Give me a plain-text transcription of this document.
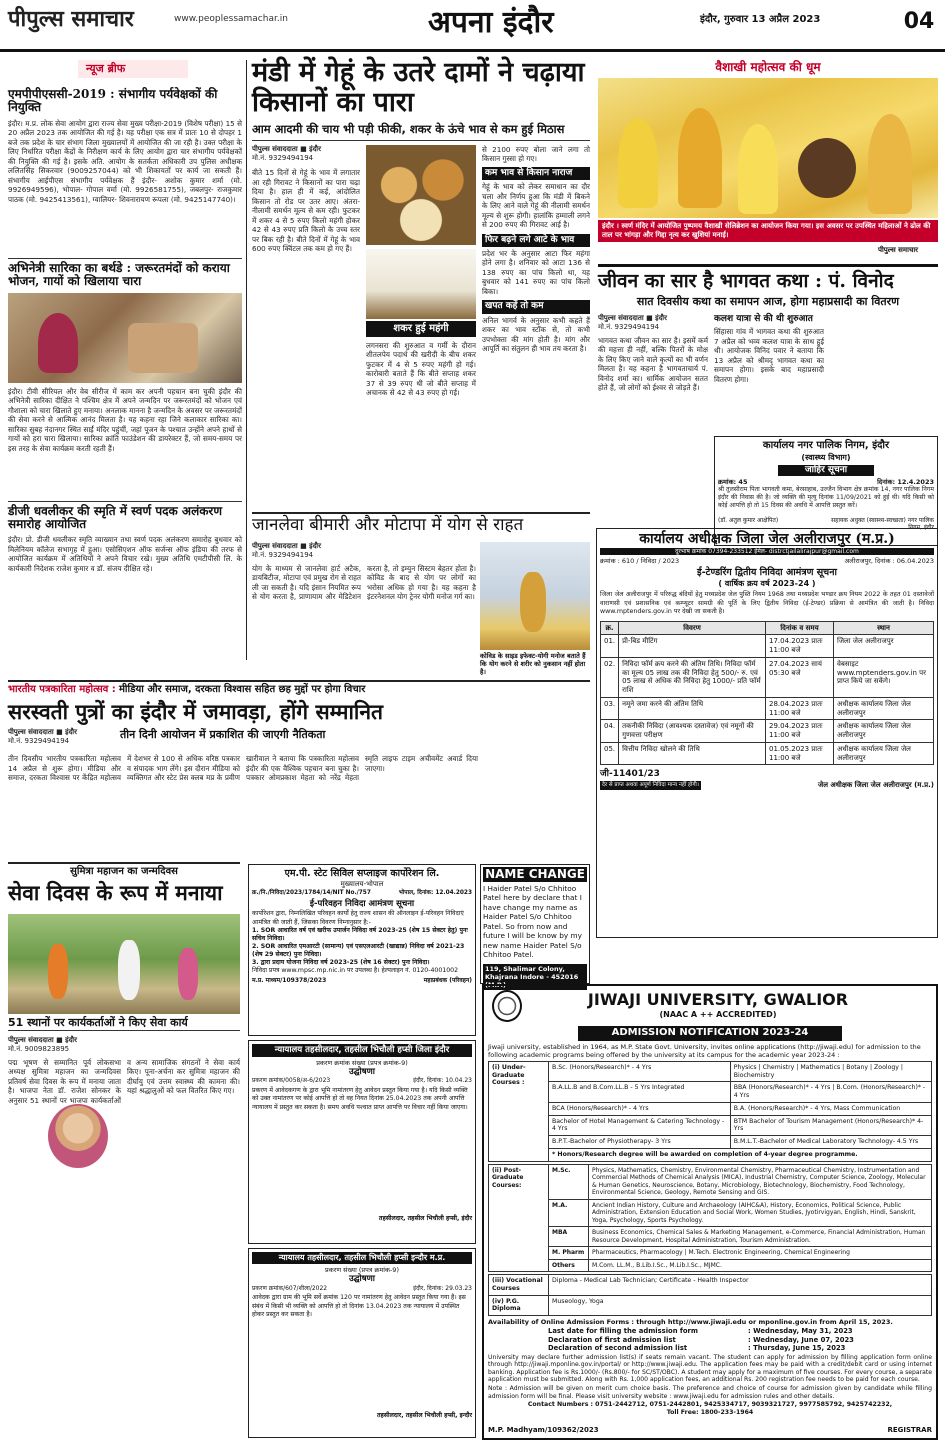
पीपुल्स समाचार	www.peoplessamachar.in	अपना इंदौर	इंदौर, गुरुवार 13 अप्रैल 2023	04
न्यूज ब्रीफ
एमपीपीएससी-2019 : संभागीय पर्यवेक्षकों की नियुक्ति
इंदौर। म.प्र. लोक सेवा आयोग द्वारा राज्य सेवा मुख्य परीक्षा-2019 (विशेष परीक्षा) 15 से 20 अप्रैल 2023 तक आयोजित की गई है। यह परीक्षा एक सत्र में प्रातः 10 से दोपहर 1 बजे तक प्रदेश के चार संभाग जिला मुख्यालयों में आयोजित की जा रही है। उक्त परीक्षा के लिए निर्धारित परीक्षा केंद्रों के निरीक्षण कार्य के लिए आयोग द्वारा चार संभागीय पर्यवेक्षकों की नियुक्ति की गई है। इसके अति. आयोग के सतर्कता अधिकारी उप पुलिस अधीक्षक ललितसिंह सिकरवार (9009257044) को भी शिकायतों पर कार्य जा सकती हैं। संभागीय आईपीएस संभागीय पर्यवेक्षक हैं इंदौर- अशोक कुमार शर्मा (मो. 9926949596), भोपाल- गोपाल वर्मा (मो. 9926581755), जबलपुर- राजकुमार पाठक (मो. 9425413561), ग्वालियर- शिवनारायण रूपला (मो. 9425147740)।
अभिनेत्री सारिका का बर्थडे : जरूरतमंदों को कराया भोजन, गायों को खिलाया चारा
इंदौर। टीवी सीरियल और वेब सीरीज में काम कर अपनी पहचान बना चुकी इंदौर की अभिनेत्री सारिका दीक्षित ने पश्चिम क्षेत्र में अपने जन्मदिन पर जरूरतमंदों को भोजन एवं गौशाला को चारा खिलाते हुए मनाया। अनलाक मानना है जन्मदिन के अवसर पर जरूरतमंदों की सेवा करने से आत्मिक आनंद मिलता है। यह कहना रहा जिने कलाकार सारिका का। सारिका सुबह नंदानगर स्थित साईं मंदिर पहुंचीं, जहां पूजन के पश्चात उन्होंने अपने हाथों से गायों को हरा चारा खिलाया। सारिका क्रांति फाउंडेशन की डायरेक्टर हैं, जो समय-समय पर इस तरह के सेवा कार्यक्रम करती रहती हैं।
डीजी धवलीकर की स्मृति में स्वर्ण पदक अलंकरण समारोह आयोजित
इंदौर। प्रो. डीजी धवलीकर स्मृति व्याख्यान तथा स्वर्ण पदक अलंकरण समारोह बुधवार को मिलेनियम कॉलेज सभागृह में हुआ। एसोसिएशन ऑफ सर्जन्स ऑफ इंडिया की तरफ से आयोजित कार्यक्रम में अतिथियों ने अपने विचार रखे। मुख्य अतिथि एमटीपीसी लि. के कार्यकारी निदेशक राजेश कुमार व डॉ. संजय दीक्षित रहे।
मंडी में गेहूं के उतरे दामों ने चढ़ाया किसानों का पारा
आम आदमी की चाय भी पड़ी फीकी, शकर के ऊंचे भाव से कम हुई मिठास
पीपुल्स संवाददाता ■ इंदौर
मो.नं. 9329494194
बीते 15 दिनों से गेहूं के भाव में लगातार आ रही गिरावट ने किसानों का पारा चढ़ा दिया है। हाल ही में कई, आंदोलित किसान तो रोड पर उतर आए। अंतरा-नीलामी समर्थन मूल्य से कम रही। फुटकर में शकर 4 से 5 रुपए किलो महंगी होकर 42 से 43 रुपए प्रति किलो के उच्च स्तर पर बिक रही है। बीते दिनों में गेहूं के भाव 600 रुपए क्विंटल तक कम हो गए हैं।
शकर हुई महंगी
लगनसरा की शुरुआत व गर्मी के दौरान शीतलपेय पदार्थ की खरीदी के बीच शकर फुटकर में 4 से 5 रुपए महंगी हो गई। कारोबारी बताते हैं कि बीते सप्ताह शकर 37 से 39 रुपए थी जो बीते सप्ताह में अचानक से 42 से 43 रुपए हो गई।
से 2100 रुपए बोला जाने लगा तो किसान गुस्सा हो गए।
कम भाव से किसान नाराज
गेहूं के भाव को लेकर समाधान का दौर चला और निर्णय हुआ कि मंडी में बिकने के लिए आने वाले गेहूं की नीलामी समर्थन मूल्य से शुरू होगी। हालांकि हम्माली लगने से 200 रुपए की गिरावट आई है।
फिर बढ़ने लगे आटे के भाव
प्रदेश भर के अनुसार आटा फिर महंगा होने लगा है। शनिवार को आटा 136 से 138 रुपए का पांच किलो था, यह बुधवार को 141 रुपए का पांच किलो बिका।
खपत कहें तो कम
अनिल भागर्व के अनुसार कभी कहते हैं शकर का भाव स्टॉक से, तो कभी उपभोक्ता की मांग होती है। मांग और आपूर्ति का संतुलन ही भाव तय करता है।
वैशाखी महोत्सव की धूम
इंदौर । स्वर्ण मंदिर में आयोजित पुष्पमय वैशाखी सेलिब्रेशन का आयोजन किया गया। इस अवसर पर उपस्थित महिलाओं ने ढोल की ताल पर भांगड़ा और गिद्दा नृत्य कर खुशियां मनाई।
पीपुल्स समाचार
जीवन का सार है भागवत कथा : पं. विनोद
सात दिवसीय कथा का समापन आज, होगा महाप्रसादी का वितरण
पीपुल्स संवाददाता ■ इंदौर
मो.नं. 9329494194
भागवत कथा जीवन का सार है। इसमें कर्म की महत्ता ही नहीं, बल्कि पितरों के मोक्ष के लिए किए जाने वाले कृत्यों का भी वर्णन मिलता है। यह कहना है भागवताचार्य पं. विनोद शर्मा का। धार्मिक आयोजन सतत होते हैं, जो लोगों को ईश्वर से जोड़ते हैं।
कलश यात्रा से की थी शुरुआत
सिंहासा गांव में भागवत कथा की शुरुआत 7 अप्रैल को भव्य कलश यात्रा के साथ हुई थी। आयोजक विनिद पवार ने बताया कि 13 अप्रैल को श्रीमद् भागवत कथा का समापन होगा। इसके बाद महाप्रसादी वितरण होगा।
कार्यालय नगर पालिक निगम, इंदौर
(स्वास्थ्य विभाग)
जाहिर सूचना
क्रमांक: 45	दिनांक: 12.4.2023
श्री तुलसीराम पिता भागवती कमा, बेरसाहाब, उज्जैन विभाग क्षेत्र क्रमांक 14, नगर पालिक निगम इंदौर की निवास की है। जो व्यक्ति की मृत्यु दिनांक 11/09/2021 को हुई थी। यदि किसी को कोई आपत्ति हो तो 15 दिवस की अवधि में आपत्ति प्रस्तुत करें।
(डाॅ. अतुल कुमार आक्षेपित)	सहायक अधुक्त (स्वास्थ्य-स्वच्छता) नगर पालिक निगम, इंदौर
जानलेवा बीमारी और मोटापा में योग से राहत
पीपुल्स संवाददाता ■ इंदौर
मो.नं. 9329494194
योग के माध्यम से जानलेवा हार्ट अटैक, डायबिटीज, मोटापा एवं प्रमुख रोग से राहत ली जा सकती है। यदि इंसान नियमित रूप से योग करता है, प्राणायाम और मेडिटेशन करता है, तो इम्युन सिस्टम बेहतर होता है। कोविड के बाद से योग पर लोगों का भरोसा अधिक हो गया है। यह कहना है इंटरनेशनल योग ट्रेनर योगी मनोज गर्ग का।
कोविड के साइड इफेक्ट-योगी मनोज बताते हैं कि योग करने से शरीर को नुकसान नहीं होता है।
NAME CHANGE
I Haider Patel S/o Chhitoo Patel here by declare that I have change my name as Haider Patel S/o Chhitoo Patel. So from now and future I will be know by my new name Haider Patel S/o Chhitoo Patel.
119, Shalimar Colony, Khajrana Indore - 452016 (M.P.)
भारतीय पत्रकारिता महोत्सव : मीडिया और समाज, दरकता विश्वास सहित छह मुद्दों पर होगा विचार
सरस्वती पुत्रों का इंदौर में जमावड़ा, होंगे सम्मानित
पीपुल्स संवाददाता ■ इंदौर
मो.नं. 9329494194	तीन दिनी आयोजन में प्रकाशित की जाएगी नैतिकता
तीन दिवसीय भारतीय पत्रकारिता महोत्सव 14 अप्रैल से शुरू होगा। मीडिया और समाज, दरकता विश्वास पर केंद्रित महोत्सव में देशभर से 100 से अधिक वरिष्ठ पत्रकार व संपादक भाग लेंगे। इस दौरान मीडिया को व्यक्तिगत और स्टेट प्रेस क्लब मप्र के प्रवीण खारीवाल ने बताया कि पत्रकारिता महोत्सव इंदौर की एक वैश्विक पहचान बना चुका है। पत्रकार ओमप्रकाश मेहता को नरेंद्र मेहता स्मृति लाइफ टाइम अचीवमेंट अवार्ड दिया जाएगा।
सुमित्रा महाजन का जन्मदिवस
सेवा दिवस के रूप में मनाया
51 स्थानों पर कार्यकर्ताओं ने किए सेवा कार्य
पीपुल्स संवाददाता ■ इंदौर
मो.नं. 9009823895
पद्म भूषण से सम्मानित पूर्व लोकसभा अध्यक्ष सुमित्रा महाजन का जन्मदिवस प्रतिवर्ष सेवा दिवस के रूप में मनाया जाता है। भाजपा नेता डॉ. राजेश सोनकर के अनुसार 51 स्थानों पर भाजपा कार्यकर्ताओं व अन्य सामाजिक संगठनों ने सेवा कार्य किए। पूना-अर्चना कर सुमित्रा महाजन की दीर्घायु एवं उत्तम स्वास्थ्य की कामना की। यहां श्रद्धालुओं को फल वितरित किए गए।
एम.पी. स्टेट सिविल सप्लाइज कार्पोरेशन लि.
मुख्यालय-भोपाल
क्र./नि./निविदा/2023/1784/14/NIT No./757	भोपाल, दिनांक: 12.04.2023
ई-परिवहन निविदा आमंत्रण सूचना
कार्पोरेशन द्वारा, निम्नलिखित परिवहन कार्यों हेतु राज्य शासन की ऑनलाइन ई-परिवहन निविदाएं आमंत्रित की जाती हैं, जिसका विवरण निम्नानुसार है:-
1. SOR आधारित वर्ष एवं खरीफ उपार्जन निविदा वर्ष 2023-25 (शेष 15 सेक्टर हेतु) पुनः सचिव निविदा।
2. SOR आधारित एमआरटी (सामान्य) एवं एसएलआरटी (खाद्यान्न) निविदा वर्ष 2021-23 (शेष 29 सेक्टर) पुनः निविदा।
3. द्वारा प्रदाय योजना निविदा वर्ष 2023-25 (शेष 16 सेक्टर) पुनः निविदा।
निविदा प्रपत्र www.mpsc.mp.nic.in पर उपलब्ध है। हेल्पलाइन नं. 0120-4001002
म.प्र. माध्यम/109378/2023	महाप्रबंधक (परिवहन)
न्यायालय तहसीलदार, तहसील भिचौली हप्सी जिला इंदौर
प्रकरण क्रमांक संख्या (प्रपत्र क्रमांक-9)
उद्घोषणा
प्रकरण क्रमांक/0058/अ-6/2023	इंदौर, दिनांक: 10.04.23
प्रकरण में आवेदकगण के द्वारा भूमि नामांतरण हेतु आवेदन प्रस्तुत किया गया है। यदि किसी व्यक्ति को उक्त नामांतरण पर कोई आपत्ति हो तो वह नियत दिनांक 25.04.2023 तक अपनी आपत्ति न्यायालय में प्रस्तुत कर सकता है। समय अवधि पश्चात प्राप्त आपत्ति पर विचार नहीं किया जाएगा।
तहसीलदार, तहसील भिचौली हप्सी, इंदौर
न्यायालय तहसीलदार, तहसील भिचौली हप्सी इन्दौर म.प्र.
प्रकरण संख्या (प्रपत्र क्रमांक-9)
उद्घोषणा
प्रकरण क्रमांक/607/शीला/2022	इंदौर, दिनांक: 29.03.23
आवेदक द्वारा ग्राम की भूमि सर्वे क्रमांक 120 पर नामांतरण हेतु आवेदन प्रस्तुत किया गया है। इस संबंध में किसी भी व्यक्ति को आपत्ति हो तो दिनांक 13.04.2023 तक न्यायालय में उपस्थित होकर प्रस्तुत कर सकता है।
तहसीलदार, तहसील भिचौली हप्सी, इन्दौर
कार्यालय अधीक्षक जिला जेल अलीराजपुर (म.प्र.)
दूरभाष क्रमांक 07394-233512 ईमेल- distrctjailalirajpur@gmail.com
क्रमांक : 610 / निविदा / 2023	अलीराजपुर, दिनांक : 06.04.2023
ई-टेण्डरिंग द्वितीय निविदा आमंत्रण सूचना
( वार्षिक क्रय वर्ष 2023-24 )
जिला जेल अलीराजपुर में परिरुद्ध बंदियों हेतु मध्यप्रदेश जेल पुस्ति नियम 1968 तथा मध्यप्रदेश भण्डार क्रय नियम 2022 के तहत 01 दस्तावेजों वाराणसी एवं प्रशासनिक एवं कम्प्यूटर सामग्री की पूर्ति के लिए द्वितीय निविदा (ई-टेण्डर) प्रक्रिया से आमंत्रित की जाती है। निविदा www.mptenders.gov.in पर देखी जा सकती है।
क्र.	विवरण	दिनांक व समय	स्थान
01.	प्री-बिड मीटिंग	17.04.2023 प्रातः 11:00 बजे	जिला जेल अलीराजपुर
02.	निविदा फॉर्म क्रय करने की अंतिम तिथि। निविदा फॉर्म का मूल्य 05 लाख तक की निविदा हेतु 500/- रु. एवं 05 लाख से अधिक की निविदा हेतु 1000/- प्रति फॉर्म राशि	27.04.2023 सायं 05:30 बजे	वेबसाइट www.mptenders.gov.in पर प्राप्त किये जा सकेंगे।
03.	नमूने जमा करने की अंतिम तिथि	28.04.2023 प्रातः 11:00 बजे	अधीक्षक कार्यालय जिला जेल अलीराजपुर
04.	तकनीकी निविदा (आवश्यक दस्तावेज) एवं नमूनों की गुणवत्ता परीक्षण	29.04.2023 प्रातः 11:00 बजे	अधीक्षक कार्यालय जिला जेल अलीराजपुर
05.	वित्तीय निविदा खोलने की तिथि	01.05.2023 प्रातः 11:00 बजे	अधीक्षक कार्यालय जिला जेल अलीराजपुर
जी-11401/23
देर से प्राप्त अथवा अपूर्ण निविदा मान्य नहीं होगी।	जेल अधीक्षक जिला जेल अलीराजपुर (म.प्र.)
JIWAJI UNIVERSITY, GWALIOR
(NAAC A ++ ACCREDITED)
ADMISSION NOTIFICATION 2023-24
Jiwaji university, established in 1964, as M.P. State Govt. University, invites online applications (http://jiwaji.edu) for admission to the following academic programs being offered by the university at its campus for the academic year 2023-24 :
(i) Under-Graduate Courses :	B.Sc. (Honors/Research)* - 4 Yrs	Physics | Chemistry | Mathematics | Botany | Zoology | Biochemistry
	B.A.LL.B and B.Com.LL.B - 5 Yrs Integrated	BBA (Honors/Research)* - 4 Yrs | B.Com. (Honors/Research)* - 4 Yrs
	BCA (Honors/Research)* - 4 Yrs	B.A. (Honors/Research)* - 4 Yrs, Mass Communication
	Bachelor of Hotel Management & Catering Technology - 4 Yrs	BTM Bachelor of Tourism Management (Honors/Research)* 4-Yrs
	B.P.T.-Bachelor of Physiotherapy- 3 Yrs	B.M.L.T.-Bachelor of Medical Laboratory Technology- 4.5 Yrs
	* Honors/Research degree will be awarded on completion of 4-year degree programme.	
(ii) Post-Graduate Courses:	M.Sc.	Physics, Mathematics, Chemistry, Environmental Chemistry, Pharmaceutical Chemistry, Instrumentation and Commercial Methods of Chemical Analysis (MICA), Industrial Chemistry, Computer Science, Zoology, Molecular & Human Genetics, Neuroscience, Botany, Microbiology, Biotechnology, Biochemistry, Food Technology, Environmental Science, Geology, Remote Sensing and GIS.
	M.A.	Ancient Indian History, Culture and Archaeology (AIHC&A), History, Economics, Political Science, Public Administration, Extension Education and Social Work, Women Studies, Jyotirvigyan, English, Hindi, Sanskrit, Yoga, Psychology, Sports Psychology.
	MBA	Business Economics, Chemical Sales & Marketing Management, e-Commerce, Financial Administration, Human Resource Development, Hospital Administration, Tourism Administration.
	M. Pharm	Pharmaceutics, Pharmacology | M.Tech. Electronic Engineering, Chemical Engineering
	Others	M.Com. LL.M., B.Lib.I.Sc., M.Lib.I.Sc., MJMC.
(iii) Vocational Courses	Diploma - Medical Lab Technician; Certificate - Health Inspector
(iv) P.G. Diploma	Museology, Yoga
Availability of Online Admission Forms : through http://www.jiwaji.edu or mponline.gov.in from April 15, 2023.
Last date for filling the admission form	: Wednesday, May 31, 2023
Declaration of first admission list	: Wednesday, June 07, 2023
Declaration of second admission list	: Thursday, June 15, 2023
University may declare further admission list(s) if seats remain vacant. The student can apply for admission by filling application form online through http://jiwaji.mponline.gov.in/portal/ or http://www.jiwaji.edu. The application fees may be paid with a credit/debit card or using internet banking. Application fee is Rs.1000/- (Rs.800/- for SC/ST/OBC). A student may apply for a maximum of five courses. For every course, a separate application must be submitted. Along with Rs. 1,000 application fees, an additional Rs. 200 registration fee needs to be paid for each course.
Note : Admission will be given on merit cum choice basis. The preference and choice of course for admission given by candidate while filling admission form will be final. Please visit university website : www.jiwaji.edu for admission rules and other details.
Contact Numbers : 0751-2442712, 0751-2442801, 9425334717, 9039321727, 9977585792, 9425742232,
Toll Free: 1800-233-1964
M.P. Madhyam/109362/2023	REGISTRAR
